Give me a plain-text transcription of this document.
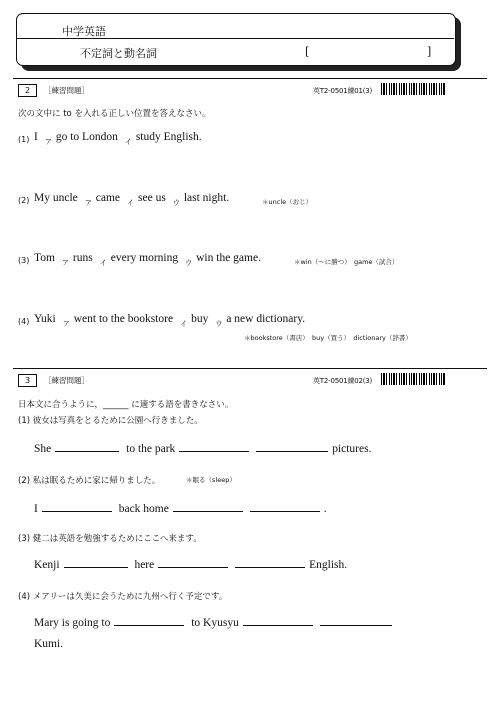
中学英語
不定詞と動名詞	[	]
2	［練習問題］	英T2-0501練01(3)
次の文中に to を入れる正しい位置を答えなさい。
(1) I $_ア$ go to London $_イ$ study English.
(2) My uncle $_ア$ came $_イ$ see us $_ウ$ last night.	＊uncle（おじ）
(3) Tom $_ア$ runs $_イ$ every morning $_ウ$ win the game.	＊win（～に勝つ）　game（試合）
(4) Yuki $_ア$ went to the bookstore $_イ$ buy $_ウ$ a new dictionary.
＊bookstore（書店）　buy（買う）　dictionary（辞書）
3	［練習問題］	英T2-0501練02(3)
日本文に合うように，______ に適する語を書きなさい。
(1) 彼女は写真をとるために公園へ行きました。
She	to the park	pictures.
(2) 私は眠るために家に帰りました。	＊眠る（sleep）
I	back home	.
(3) 健二は英語を勉強するためにここへ来ます。
Kenji	here	English.
(4) メアリーは久美に会うために九州へ行く予定です。
Mary is going to	to Kyusyu
Kumi.
